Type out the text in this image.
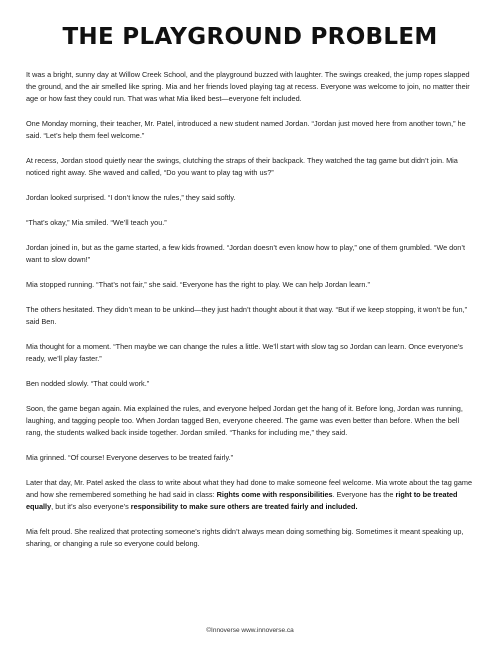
THE PLAYGROUND PROBLEM

It was a bright, sunny day at Willow Creek School, and the playground buzzed with laughter. The swings creaked, the jump ropes slapped the ground, and the air smelled like spring. Mia and her friends loved playing tag at recess. Everyone was welcome to join, no matter their age or how fast they could run. That was what Mia liked best—everyone felt included.

One Monday morning, their teacher, Mr. Patel, introduced a new student named Jordan. “Jordan just moved here from another town,” he said. “Let’s help them feel welcome.”

At recess, Jordan stood quietly near the swings, clutching the straps of their backpack. They watched the tag game but didn’t join. Mia noticed right away. She waved and called, “Do you want to play tag with us?”

Jordan looked surprised. “I don’t know the rules,” they said softly.

“That’s okay,” Mia smiled. “We’ll teach you.”

Jordan joined in, but as the game started, a few kids frowned. “Jordan doesn’t even know how to play,” one of them grumbled. “We don’t want to slow down!”

Mia stopped running. “That’s not fair,” she said. “Everyone has the right to play. We can help Jordan learn.”

The others hesitated. They didn’t mean to be unkind—they just hadn’t thought about it that way. “But if we keep stopping, it won’t be fun,” said Ben.

Mia thought for a moment. “Then maybe we can change the rules a little. We’ll start with slow tag so Jordan can learn. Once everyone’s ready, we’ll play faster.”

Ben nodded slowly. “That could work.”

Soon, the game began again. Mia explained the rules, and everyone helped Jordan get the hang of it. Before long, Jordan was running, laughing, and tagging people too. When Jordan tagged Ben, everyone cheered. The game was even better than before. When the bell rang, the students walked back inside together. Jordan smiled. “Thanks for including me,” they said.

Mia grinned. “Of course! Everyone deserves to be treated fairly.”

Later that day, Mr. Patel asked the class to write about what they had done to make someone feel welcome. Mia wrote about the tag game and how she remembered something he had said in class: Rights come with responsibilities. Everyone has the right to be treated equally, but it’s also everyone’s responsibility to make sure others are treated fairly and included.

Mia felt proud. She realized that protecting someone’s rights didn’t always mean doing something big. Sometimes it meant speaking up, sharing, or changing a rule so everyone could belong.

©Innoverse www.innoverse.ca
